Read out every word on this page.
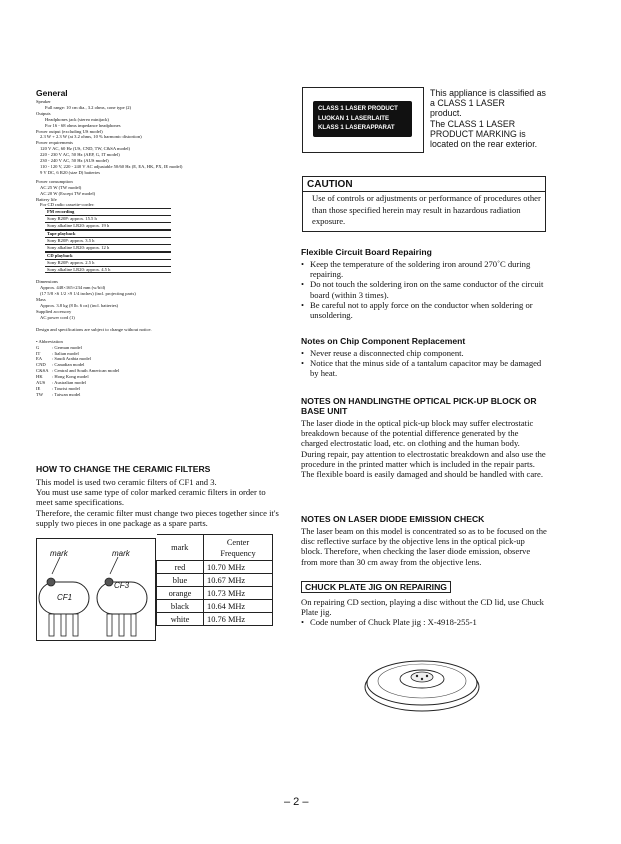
General
Speaker
Full range: 10 cm dia., 3.2 ohms, cone type (2)
Outputs
Headphones jack (stereo minijack)
For 16 - 68 ohms impedance headphones
Power output (excluding US model)
2.3 W + 2.3 W (at 3.2 ohms, 10 % harmonic distortion)
Power requirements
120 V AC, 60 Hz (US, CND, TW, C&SA model)
220 - 230 V AC, 50 Hz (AEP, G, IT model)
230 - 240 V AC, 50 Hz (AUS model)
110 - 120 V, 220 - 240 V AC adjustable 50/60 Hz (E, EA, HK, PX, IE model)
9 V DC, 6 R20 (size D) batteries
Power consumption
AC 25 W (TW model)
AC 20 W (Except TW model)
Battery life
For CD radio cassette-corder:
FM recording
Sony R20P: approx. 15.5 h
Sony alkaline LR20: approx. 19 h
Tape playback
Sony R20P: approx. 3.5 h
Sony alkaline LR20: approx. 12 h
CD playback
Sony R20P: approx. 2.5 h
Sony alkaline LR20: approx. 4.5 h
Dimensions
Approx. 448×165×234 mm (w/h/d)
(17 5/8 ×6 1/2 ×9 1/4 inches) (incl. projecting parts)
Mass
Approx. 3.8 kg (8 lb. 6 oz) (incl. batteries)
Supplied accessory
AC power cord (1)
Design and specifications are subject to change without notice.
• Abbreviation
G	: German model
IT	: Italian model
EA	: Saudi Arabia model
CND	: Canadian model
C&SA : Central and South American model
HK	: Hong Kong model
AUS	: Australian model
IE	: Tourist model
TW	: Taiwan model
HOW TO CHANGE THE CERAMIC FILTERS

This model is used two ceramic filters of CF1 and 3.

You must use same type of color marked ceramic filters in order to meet same specifications.

Therefore, the ceramic filter must change two pieces together since it's supply two pieces in one package as a spare parts.

mark	mark
CF1
CF3
mark	Center
Frequency

red	10.70 MHz
blue	10.67 MHz
orange	10.73 MHz
black	10.64 MHz
white	10.76 MHz
CLASS 1 LASER PRODUCT
LUOKAN 1 LASERLAITE
KLASS 1 LASERAPPARAT
This appliance is classified as
a CLASS 1 LASER
product.
The CLASS 1 LASER
PRODUCT MARKING is
located on the rear exterior.
CAUTION
Use of controls or adjustments or performance of procedures other than those specified herein may result in hazardous radiation exposure.
Flexible Circuit Board Repairing
• Keep the temperature of the soldering iron around 270˚C during repairing.
• Do not touch the soldering iron on the same conductor of the circuit board (within 3 times).
• Be careful not to apply force on the conductor when soldering or unsoldering.
Notes on Chip Component Replacement
• Never reuse a disconnected chip component.
• Notice that the minus side of a tantalum capacitor may be damaged by heat.
NOTES ON HANDLINGTHE OPTICAL PICK-UP BLOCK OR BASE UNIT

The laser diode in the optical pick-up block may suffer electrostatic breakdown because of the potential difference generated by the charged electrostatic load, etc. on clothing and the human body.

During repair, pay attention to electrostatic breakdown and also use the procedure in the printed matter which is included in the repair parts.

The flexible board is easily damaged and should be handled with care.

NOTES ON LASER DIODE EMISSION CHECK
The laser beam on this model is concentrated so as to be focused on the disc reflective surface by the objective lens in the optical pick-up block. Therefore, when checking the laser diode emission, observe from more than 30 cm away from the objective lens.
CHUCK PLATE JIG ON REPAIRING
On repairing CD section, playing a disc without the CD lid, use Chuck Plate jig.
• Code number of Chuck Plate jig : X-4918-255-1
– 2 –
